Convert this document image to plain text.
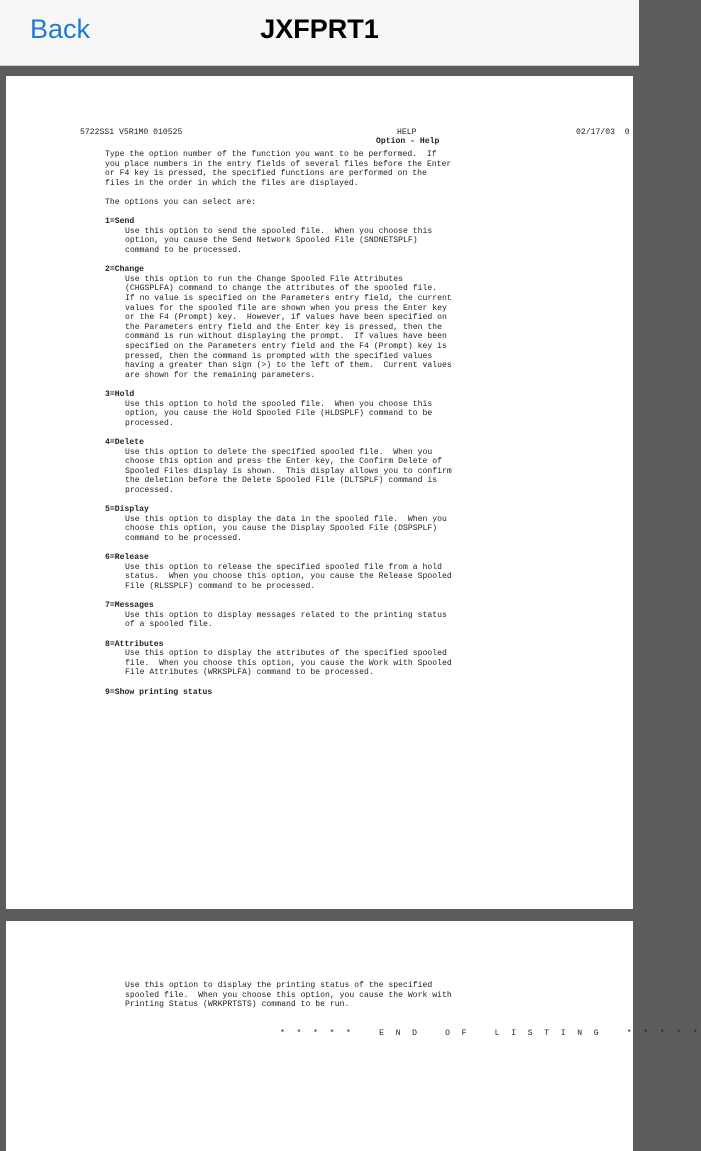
Back	JXFPRT1
5722SS1 V5R1M0 010525	HELP
Option - Help
02/17/03  0
Type the option number of the function you want to be performed.  If
you place numbers in the entry fields of several files before the Enter
or F4 key is pressed, the specified functions are performed on the
files in the order in which the files are displayed.
The options you can select are:
1=Send
Use this option to send the spooled file.  When you choose this
option, you cause the Send Network Spooled File (SNDNETSPLF)
command to be processed.
2=Change
Use this option to run the Change Spooled File Attributes
(CHGSPLFA) command to change the attributes of the spooled file.
If no value is specified on the Parameters entry field, the current
values for the spooled file are shown when you press the Enter key
or the F4 (Prompt) key.  However, if values have been specified on
the Parameters entry field and the Enter key is pressed, then the
command is run without displaying the prompt.  If values have been
specified on the Parameters entry field and the F4 (Prompt) key is
pressed, then the command is prompted with the specified values
having a greater than sign (>) to the left of them.  Current values
are shown for the remaining parameters.
3=Hold
Use this option to hold the spooled file.  When you choose this
option, you cause the Hold Spooled File (HLDSPLF) command to be
processed.
4=Delete
Use this option to delete the specified spooled file.  When you
choose this option and press the Enter key, the Confirm Delete of
Spooled Files display is shown.  This display allows you to confirm
the deletion before the Delete Spooled File (DLTSPLF) command is
processed.
5=Display
Use this option to display the data in the spooled file.  When you
choose this option, you cause the Display Spooled File (DSPSPLF)
command to be processed.
6=Release
Use this option to release the specified spooled file from a hold
status.  When you choose this option, you cause the Release Spooled
File (RLSSPLF) command to be processed.
7=Messages
Use this option to display messages related to the printing status
of a spooled file.
8=Attributes
Use this option to display the attributes of the specified spooled
file.  When you choose this option, you cause the Work with Spooled
File Attributes (WRKSPLFA) command to be processed.
9=Show printing status
* * * * *   E N D   O F   L I S T I N G   * * * * *
Use this option to display the printing status of the specified
spooled file.  When you choose this option, you cause the Work with
Printing Status (WRKPRTSTS) command to be run.
